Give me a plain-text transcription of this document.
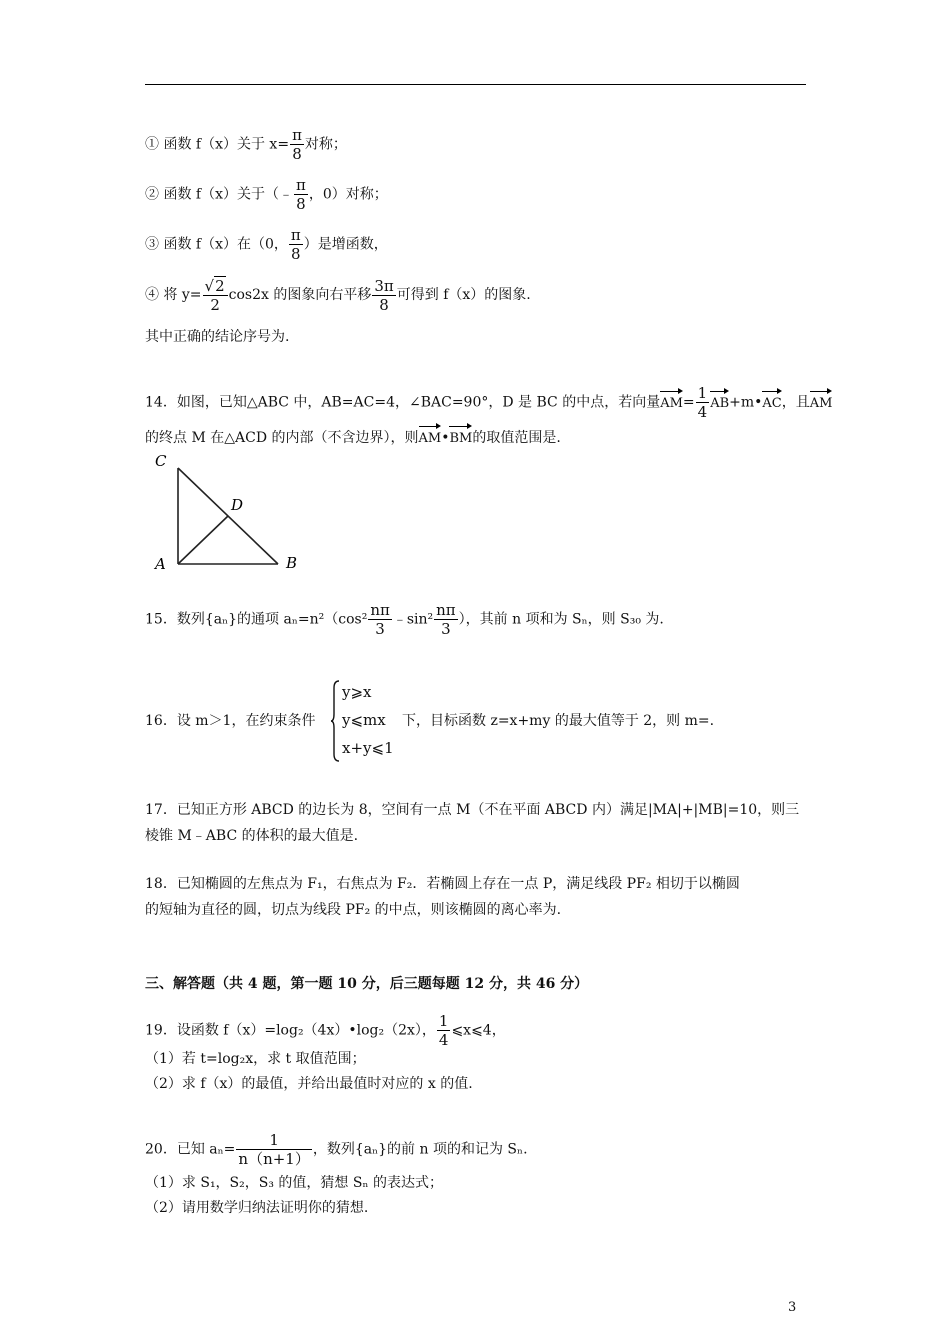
① 函数 f（x）关于 $x= \frac{\pi}{8}$ 对称；
② 函数 f（x）关于（﹣ $\frac{\pi}{8}$ ，0）对称；
③ 函数 f（x）在（0， $\frac{\pi}{8}$ ）是增函数，
④ 将 $y= \frac{√2}{2} \cos 2x$ 的图象向右平移 $\frac{3\pi}{8}$ 可得到 f（x）的图象.
其中正确的结论序号为.
14．如图，已知△ABC 中，AB=AC=4，∠BAC=90°，D 是 BC 的中点，若向量$AM= \frac{1}{4}$ AB+m•AC，且AM
的终点 M 在△ACD 的内部（不含边界），则AM•BM的取值范围是.
C
D
A	B
15．数列{aₙ}的通项 $a_n=n^2(\cos^2 \frac{n\pi}{3}$ ﹣sin² $\frac{n\pi}{3}$ ），其前 n 项和为 Sₙ，则 S₃₀ 为.
16．设 m＞1，在约束条件
y⩾x
y⩽mx
x+y⩽1
下，目标函数 z=x+my 的最大值等于 2，则 m=.
17．已知正方形 ABCD 的边长为 8，空间有一点 M（不在平面 ABCD 内）满足|MA|+|MB|=10，则三
棱锥 M﹣ABC 的体积的最大值是.
18．已知椭圆的左焦点为 F₁，右焦点为 F₂．若椭圆上存在一点 P，满足线段 PF₂ 相切于以椭圆
的短轴为直径的圆，切点为线段 PF₂ 的中点，则该椭圆的离心率为.
三、解答题（共 4 题，第一题 10 分，后三题每题 12 分，共 46 分）
19．设函数 f（x）=log₂（4x）•log₂（2x）， $\frac{1}{4}$ ⩽x⩽4，
（1）若 t=log₂x，求 t 取值范围；
（2）求 f（x）的最值，并给出最值时对应的 x 的值.
20．已知 $a_n= \frac{1}{n(n+1)}$ ，数列{aₙ}的前 n 项的和记为 Sₙ.
（1）求 S₁，S₂，S₃ 的值，猜想 Sₙ 的表达式；
（2）请用数学归纳法证明你的猜想.
3
